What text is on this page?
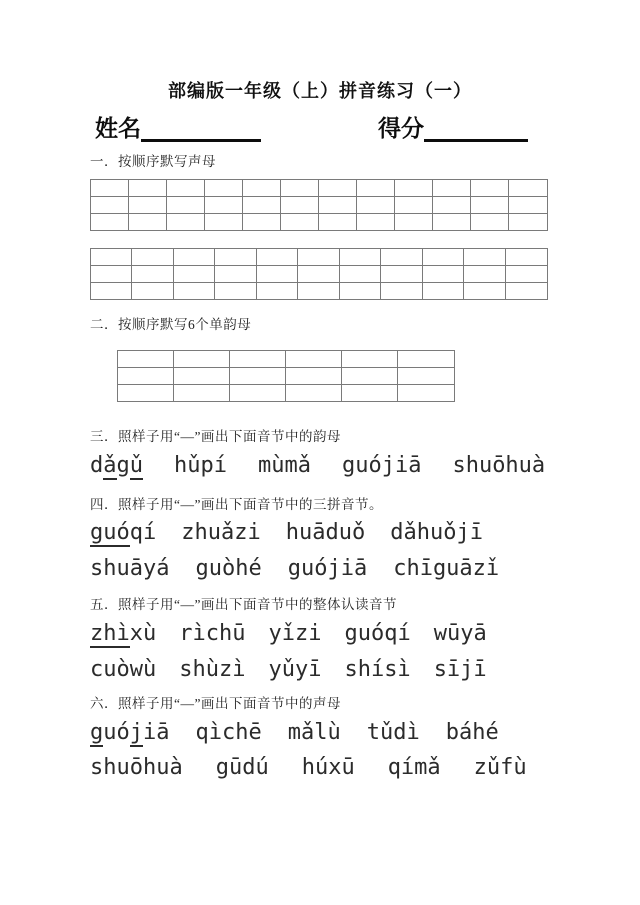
部编版一年级（上）拼音练习（一）
姓名	得分
一．按顺序默写声母
二．按顺序默写6个单韵母
三．照样子用“—”画出下面音节中的韵母
dǎgǔ hǔpí mùmǎ guójiā shuōhuà
四．照样子用“—”画出下面音节中的三拼音节。
guóqí zhuǎzi huāduǒ dǎhuǒjī
shuāyá guòhé guójiā chīguāzǐ
五．照样子用“—”画出下面音节中的整体认读音节
zhìxù rìchū yǐzi guóqí wūyā
cuòwù shùzì yǔyī shísì sījī
六．照样子用“—”画出下面音节中的声母
guójiā qìchē mǎlù tǔdì báhé
shuōhuà gūdú húxū qímǎ zǔfù
